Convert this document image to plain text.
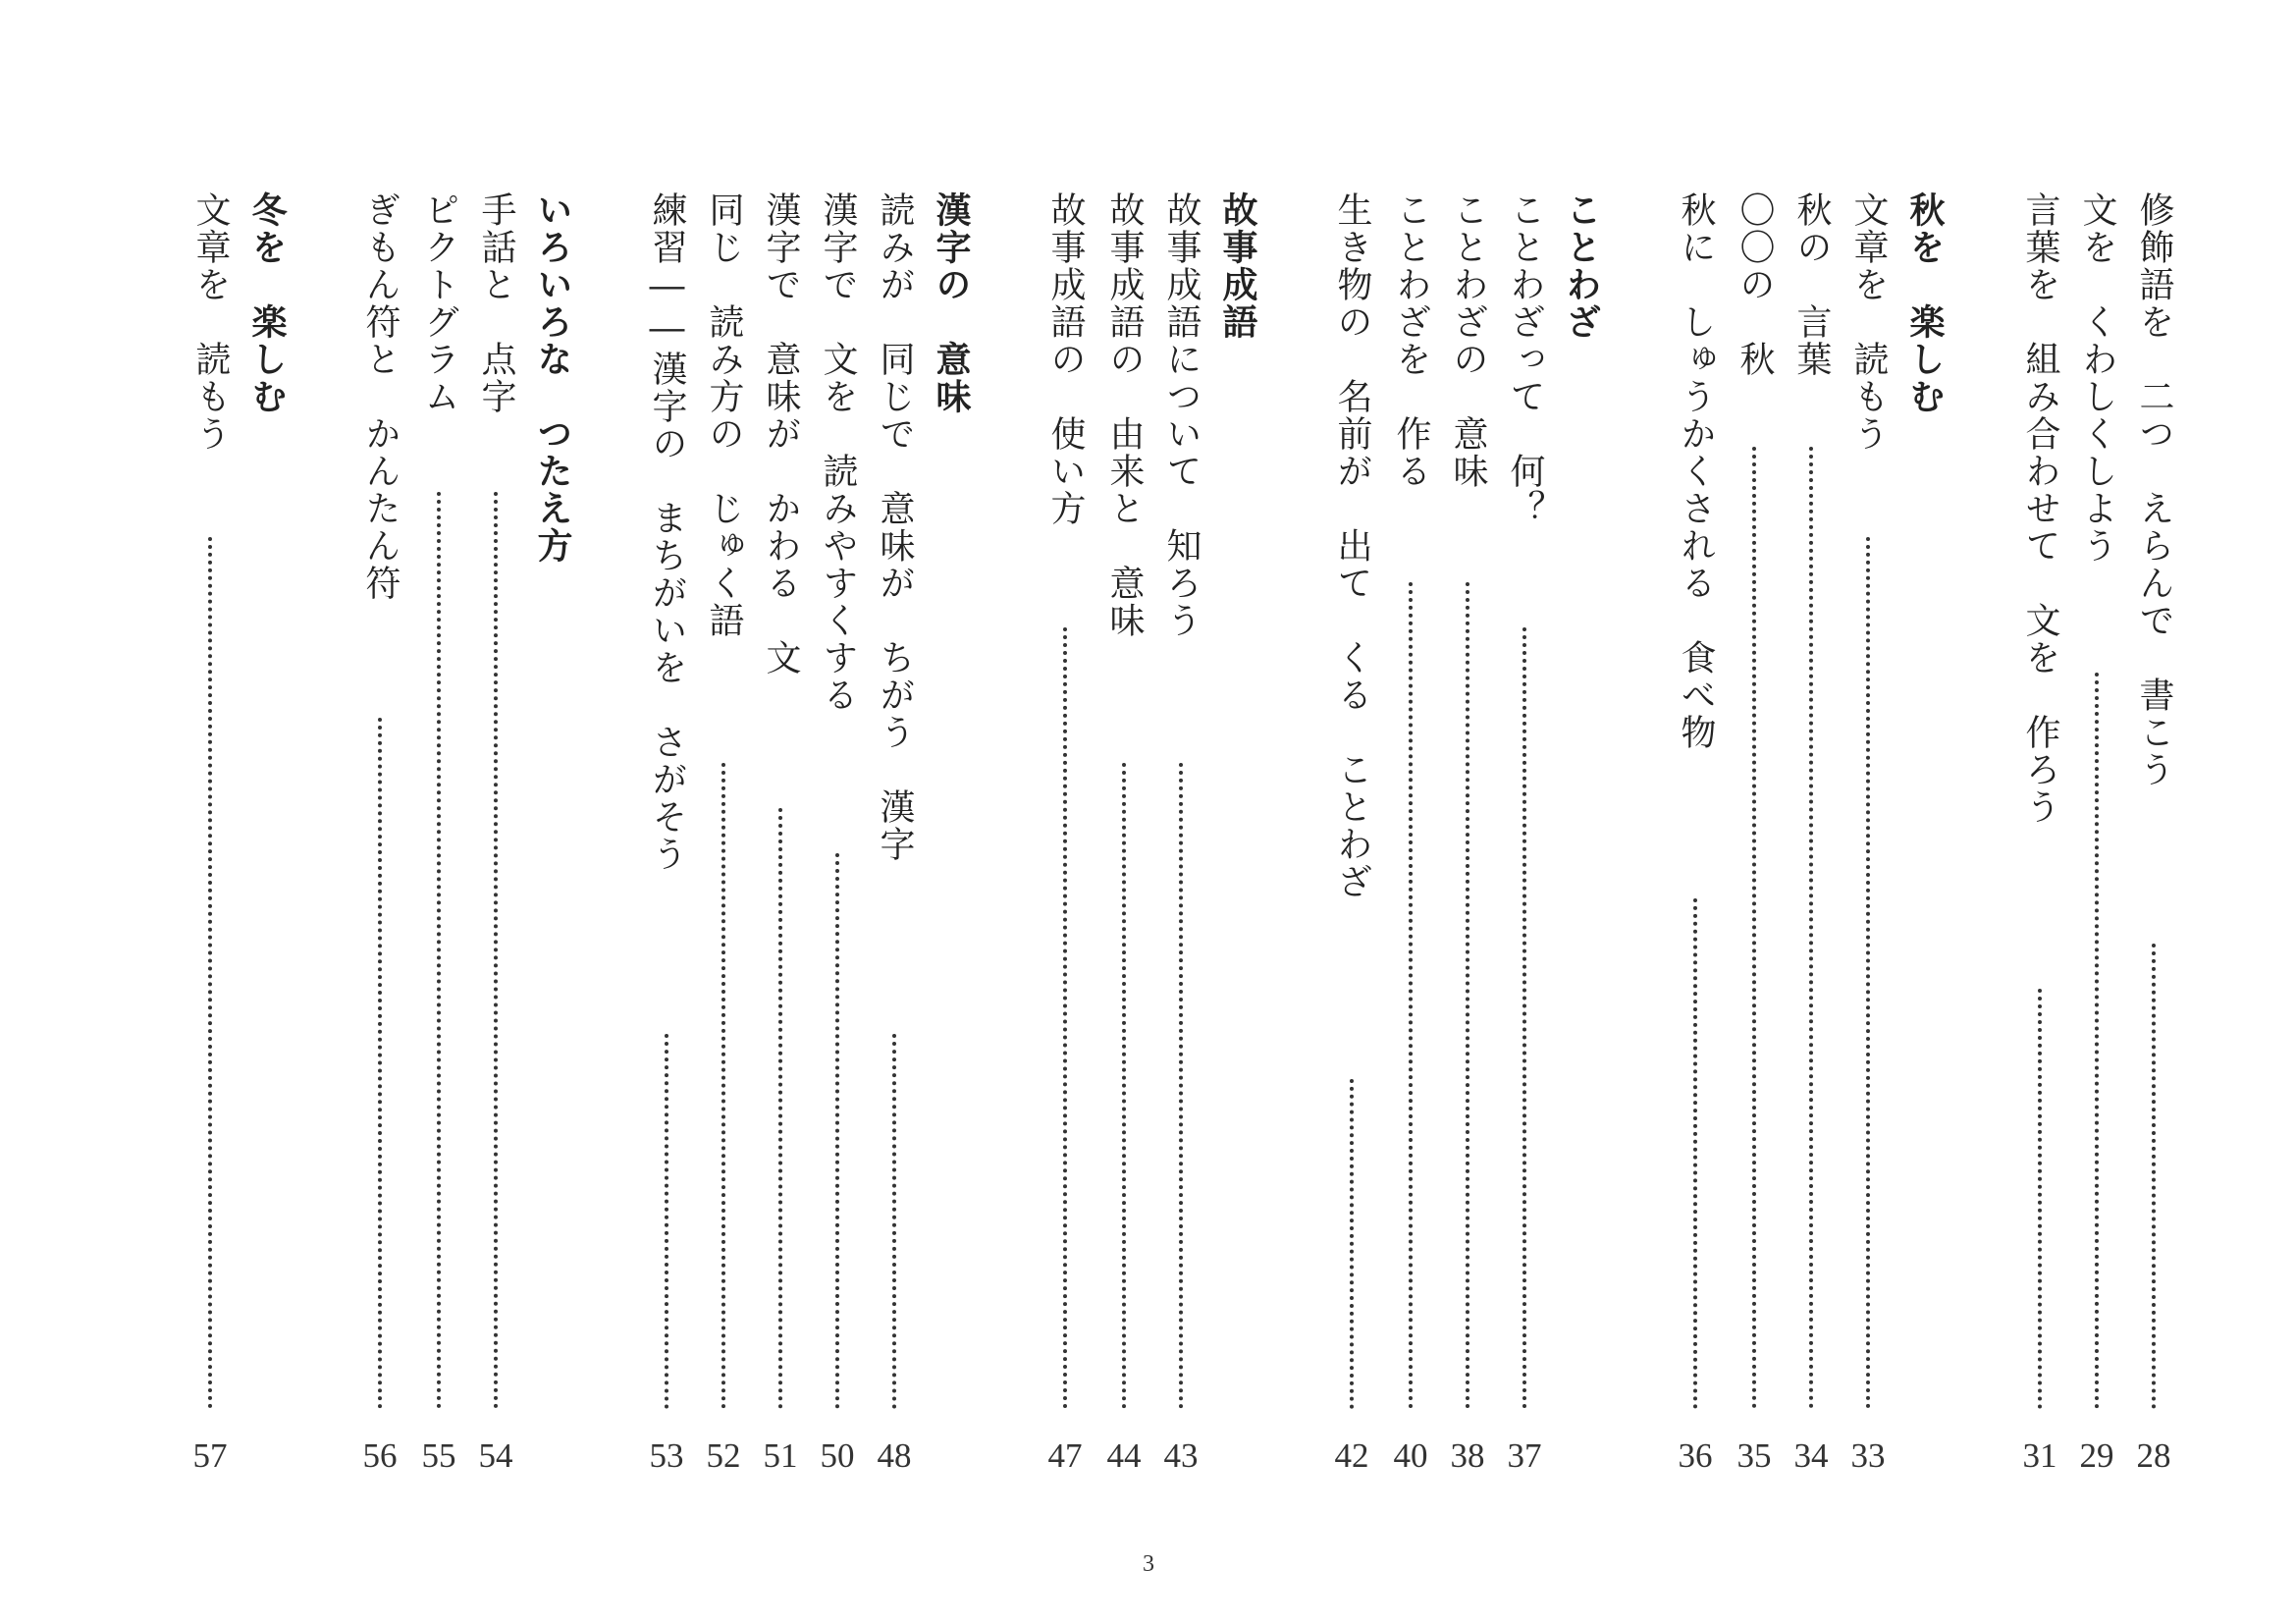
修飾語を　二つ　えらんで　書こう
28
文を　くわしくしよう
29
言葉を　組み合わせて　文を　作ろう
31
秋を　楽しむ
文章を　読もう
33
秋の　言葉
34
〇〇の　秋
35
秋に　しゅうかくされる　食べ物
36
ことわざ
ことわざって　何？
37
ことわざの　意味
38
ことわざを　作る
40
生き物の　名前が　出て　くる　ことわざ
42
故事成語
故事成語について　知ろう
43
故事成語の　由来と　意味
44
故事成語の　使い方
47
漢字の　意味
読みが　同じで　意味が　ちがう　漢字
48
漢字で　文を　読みやすくする
50
漢字で　意味が　かわる　文
51
同じ　読み方の　じゅく語
52
練習――漢字の　まちがいを　さがそう
53
いろいろな　つたえ方
手話と　点字
54
ピクトグラム
55
ぎもん符と　かんたん符
56
冬を　楽しむ
文章を　読もう
57
3
